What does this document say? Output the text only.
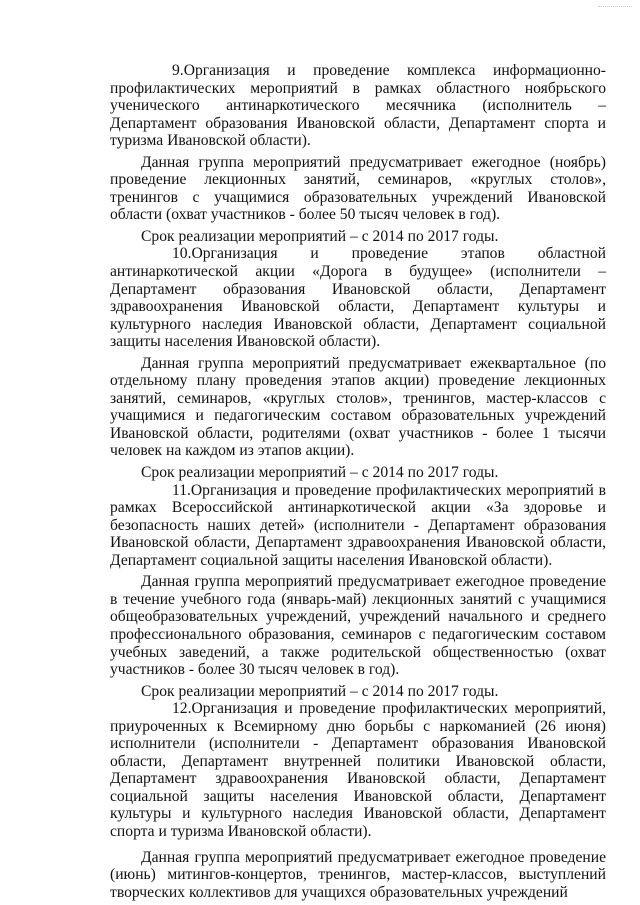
9.Организация и проведение комплекса информационно-профилактических мероприятий в рамках областного ноябрьского ученического антинаркотического месячника (исполнитель – Департамент образования Ивановской области, Департамент спорта и туризма Ивановской области).

Данная группа мероприятий предусматривает ежегодное (ноябрь) проведение лекционных занятий, семинаров, «круглых столов», тренингов с учащимися образовательных учреждений Ивановской области (охват участников - более 50 тысяч человек в год).

Срок реализации мероприятий – с 2014 по 2017 годы.

10.Организация и проведение этапов областной антинаркотической акции «Дорога в будущее» (исполнители – Департамент образования Ивановской области, Департамент здравоохранения Ивановской области, Департамент культуры и культурного наследия Ивановской области, Департамент социальной защиты населения Ивановской области).

Данная группа мероприятий предусматривает ежеквартальное (по отдельному плану проведения этапов акции) проведение лекционных занятий, семинаров, «круглых столов», тренингов, мастер-классов с учащимися и педагогическим составом образовательных учреждений Ивановской области, родителями (охват участников - более 1 тысячи человек на каждом из этапов акции).

Срок реализации мероприятий – с 2014 по 2017 годы.

11.Организация и проведение профилактических мероприятий в рамках Всероссийской антинаркотической акции «За здоровье и безопасность наших детей» (исполнители - Департамент образования Ивановской области, Департамент здравоохранения Ивановской области, Департамент социальной защиты населения Ивановской области).

Данная группа мероприятий предусматривает ежегодное проведение в течение учебного года (январь-май) лекционных занятий с учащимися общеобразовательных учреждений, учреждений начального и среднего профессионального образования, семинаров с педагогическим составом учебных заведений, а также родительской общественностью (охват участников - более 30 тысяч человек в год).

Срок реализации мероприятий – с 2014 по 2017 годы.

12.Организация и проведение профилактических мероприятий, приуроченных к Всемирному дню борьбы с наркоманией (26 июня) исполнители (исполнители - Департамент образования Ивановской области, Департамент внутренней политики Ивановской области, Департамент здравоохранения Ивановской области, Департамент социальной защиты населения Ивановской области, Департамент культуры и культурного наследия Ивановской области, Департамент спорта и туризма Ивановской области).

Данная группа мероприятий предусматривает ежегодное проведение (июнь) митингов-концертов, тренингов, мастер-классов, выступлений творческих коллективов для учащихся образовательных учреждений
